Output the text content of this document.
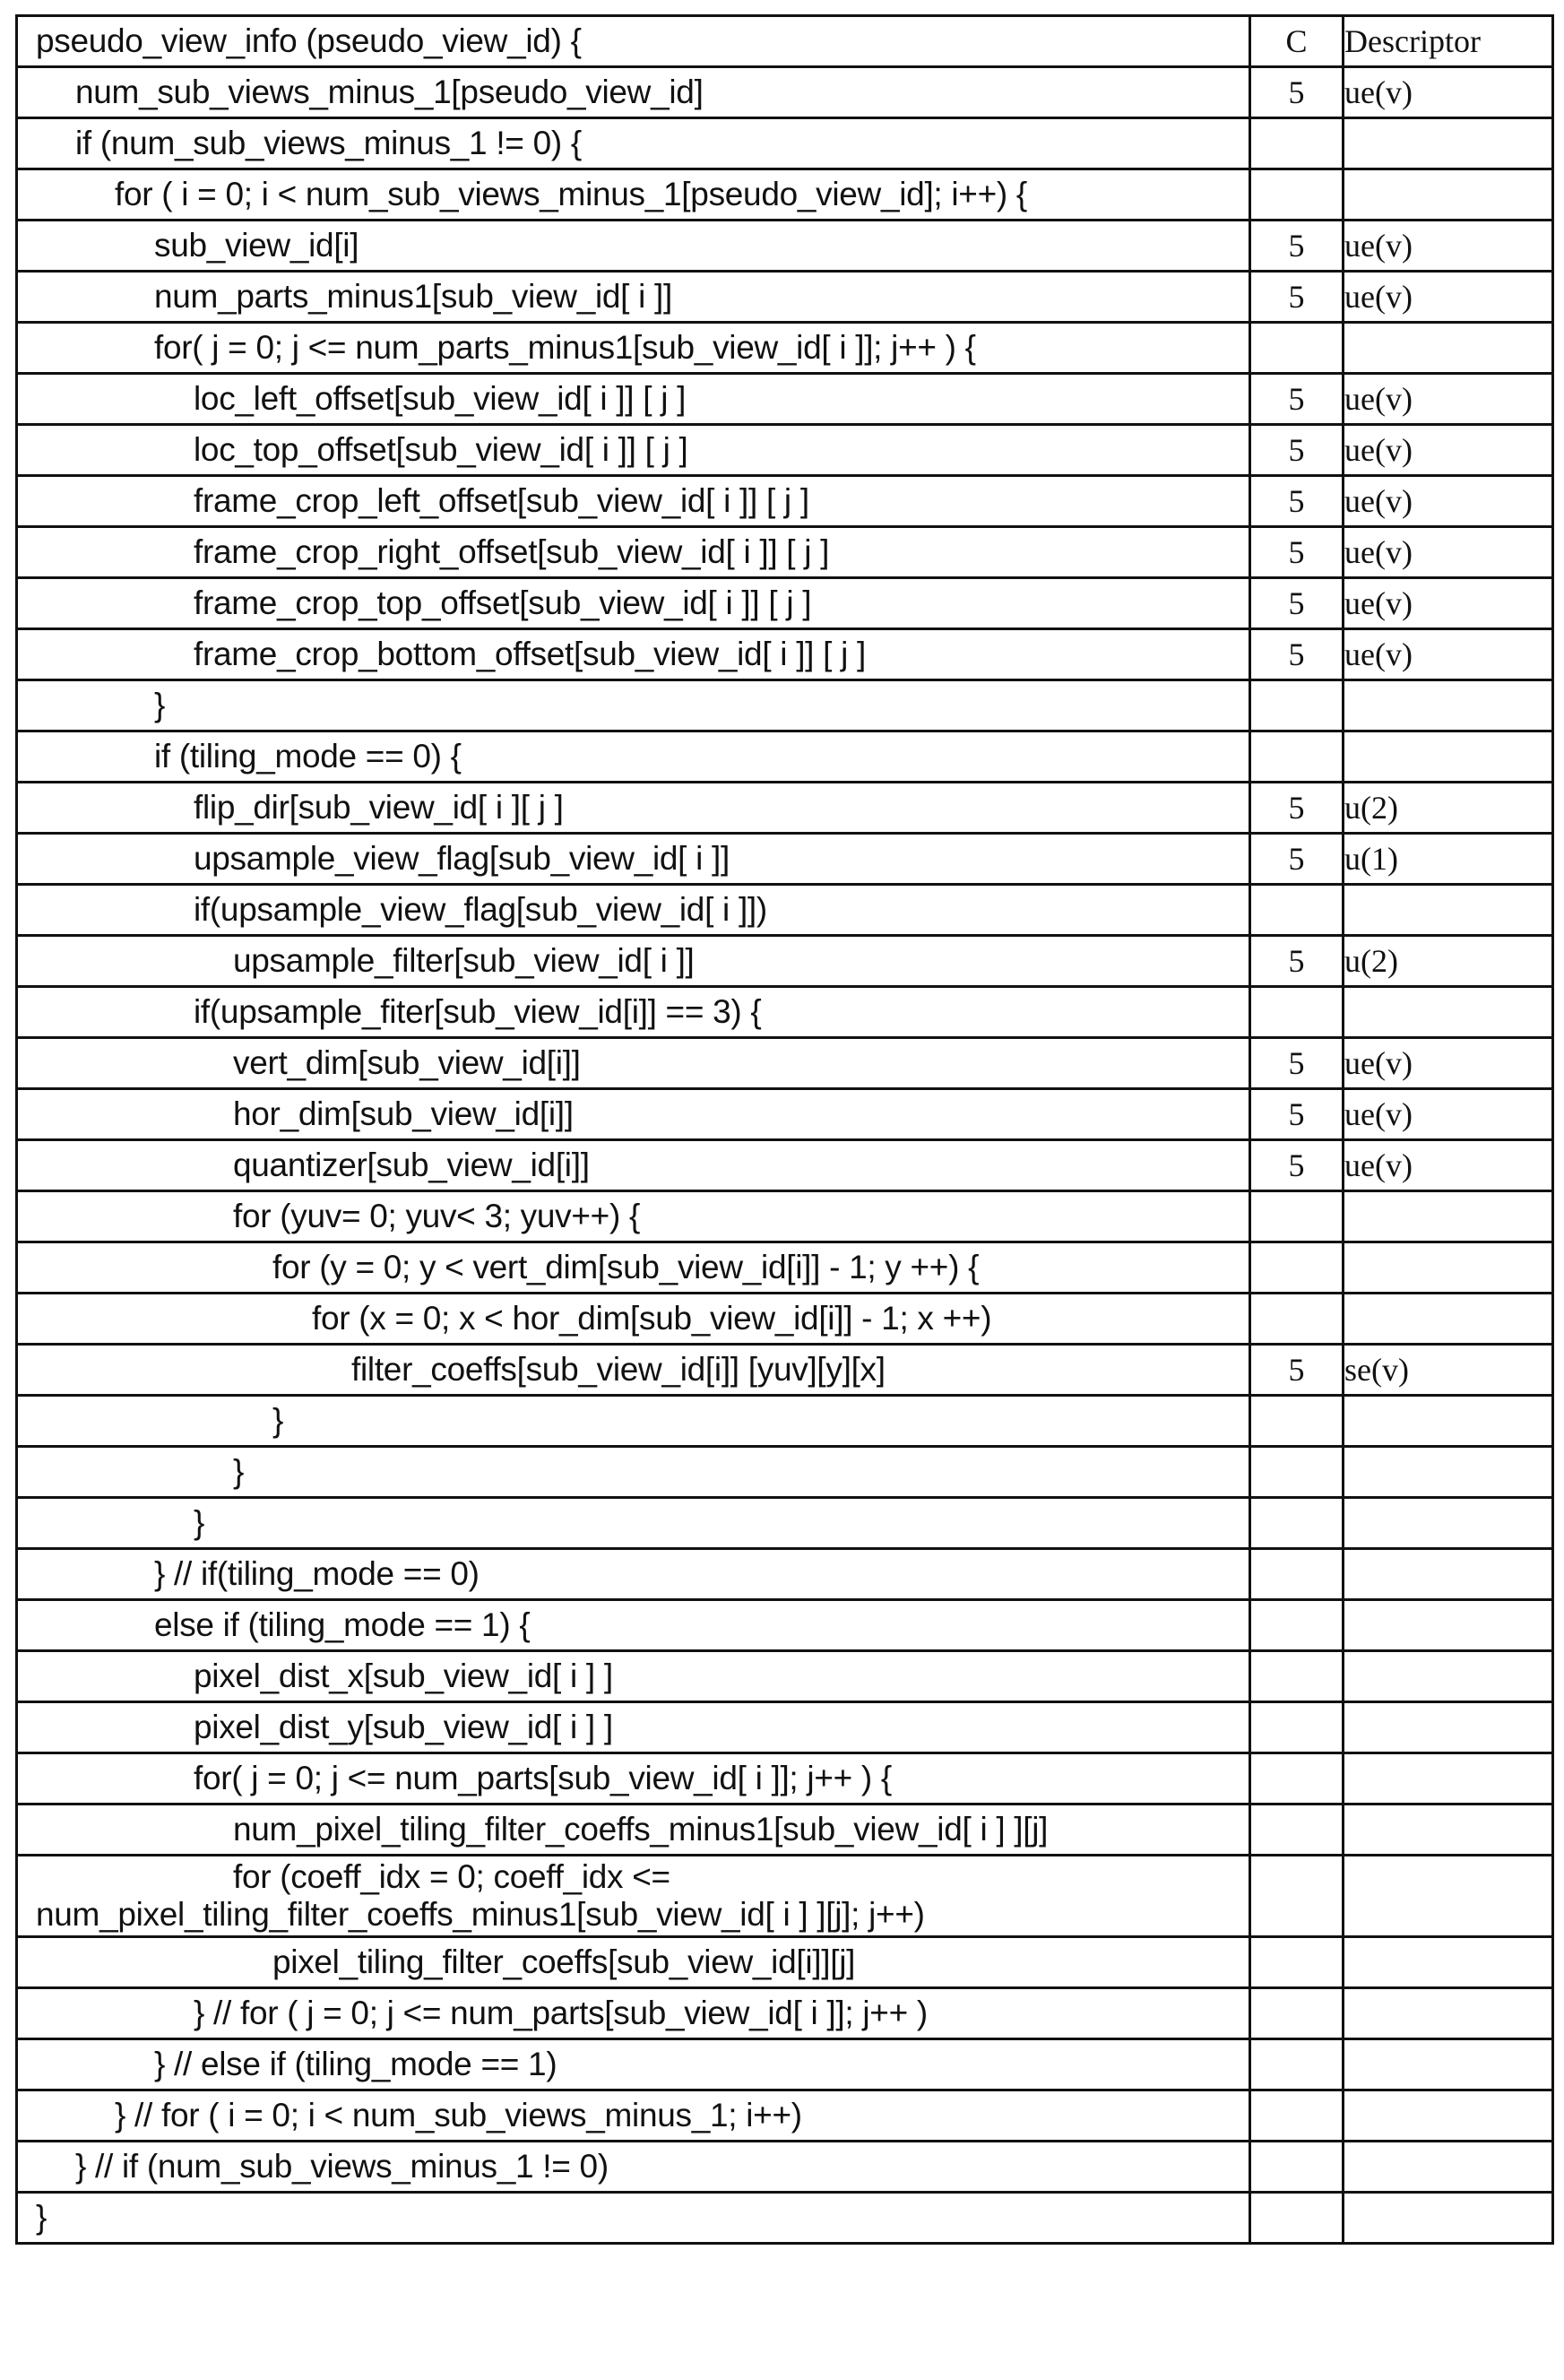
pseudo_view_info (pseudo_view_id) {	C	Descriptor
num_sub_views_minus_1[pseudo_view_id]	5	ue(v)
if (num_sub_views_minus_1 != 0) {		
for ( i = 0; i < num_sub_views_minus_1[pseudo_view_id]; i++) {		
sub_view_id[i]	5	ue(v)
num_parts_minus1[sub_view_id[ i ]]	5	ue(v)
for( j = 0; j <= num_parts_minus1[sub_view_id[ i ]]; j++ ) {		
loc_left_offset[sub_view_id[ i ]] [ j ]	5	ue(v)
loc_top_offset[sub_view_id[ i ]] [ j ]	5	ue(v)
frame_crop_left_offset[sub_view_id[ i ]] [ j ]	5	ue(v)
frame_crop_right_offset[sub_view_id[ i ]] [ j ]	5	ue(v)
frame_crop_top_offset[sub_view_id[ i ]] [ j ]	5	ue(v)
frame_crop_bottom_offset[sub_view_id[ i ]] [ j ]	5	ue(v)
}		
if (tiling_mode == 0) {		
flip_dir[sub_view_id[ i ][ j ]	5	u(2)
upsample_view_flag[sub_view_id[ i ]]	5	u(1)
if(upsample_view_flag[sub_view_id[ i ]])		
upsample_filter[sub_view_id[ i ]]	5	u(2)
if(upsample_fiter[sub_view_id[i]] == 3) {		
vert_dim[sub_view_id[i]]	5	ue(v)
hor_dim[sub_view_id[i]]	5	ue(v)
quantizer[sub_view_id[i]]	5	ue(v)
for (yuv= 0; yuv< 3; yuv++) {		
for (y = 0; y < vert_dim[sub_view_id[i]] - 1; y ++) {		
for (x = 0; x < hor_dim[sub_view_id[i]] - 1; x ++)		
filter_coeffs[sub_view_id[i]] [yuv][y][x]	5	se(v)
}		
}		
}		
} // if(tiling_mode == 0)		
else if (tiling_mode == 1) {		
pixel_dist_x[sub_view_id[ i ] ]		
pixel_dist_y[sub_view_id[ i ] ]		
for( j = 0; j <= num_parts[sub_view_id[ i ]]; j++ ) {		
num_pixel_tiling_filter_coeffs_minus1[sub_view_id[ i ] ][j]		

for (coeff_idx = 0; coeff_idx <=
num_pixel_tiling_filter_coeffs_minus1[sub_view_id[ i ] ][j]; j++)

pixel_tiling_filter_coeffs[sub_view_id[i]][j]		
} // for ( j = 0; j <= num_parts[sub_view_id[ i ]]; j++ )		
} // else if (tiling_mode == 1)		
} // for ( i = 0; i < num_sub_views_minus_1; i++)		
} // if (num_sub_views_minus_1 != 0)		
}		
